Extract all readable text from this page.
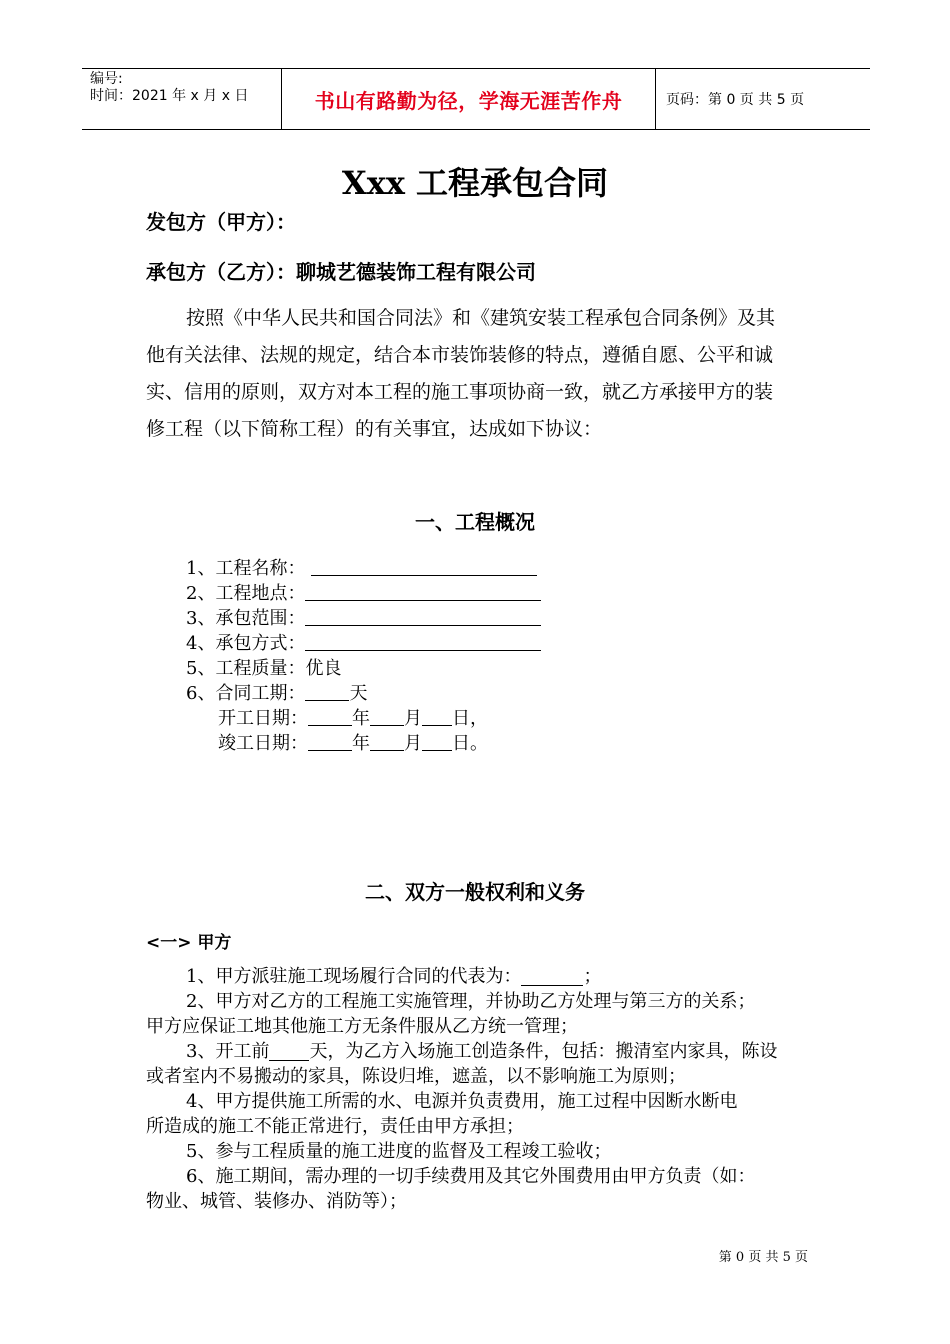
编号:
时间：2021 年 x 月 x 日	书山有路勤为径，学海无涯苦作舟	页码：第 0 页 共 5 页
Xxx 工程承包合同
发包方（甲方）：
承包方（乙方）：聊城艺德装饰工程有限公司
按照《中华人民共和国合同法》和《建筑安装工程承包合同条例》及其
他有关法律、法规的规定，结合本市装饰装修的特点，遵循自愿、公平和诚
实、信用的原则，双方对本工程的施工事项协商一致，就乙方承接甲方的装
修工程（以下简称工程）的有关事宜，达成如下协议：
一、工程概况
1、工程名称：
2、工程地点：
3、承包范围：
4、承包方式：
5、工程质量：优良
6、合同工期： 天
开工日期： 年 月 日，
竣工日期： 年 月 日。
二、双方一般权利和义务
<一> 甲方
1、甲方派驻施工现场履行合同的代表为：	；
2、甲方对乙方的工程施工实施管理，并协助乙方处理与第三方的关系；
甲方应保证工地其他施工方无条件服从乙方统一管理；
3、开工前 天，为乙方入场施工创造条件，包括：搬清室内家具，陈设
或者室内不易搬动的家具，陈设归堆，遮盖，以不影响施工为原则；
4、甲方提供施工所需的水、电源并负责费用，施工过程中因断水断电
所造成的施工不能正常进行，责任由甲方承担；
5、参与工程质量的施工进度的监督及工程竣工验收；
6、施工期间，需办理的一切手续费用及其它外围费用由甲方负责（如：
物业、城管、装修办、消防等）；
第 0 页 共 5 页
